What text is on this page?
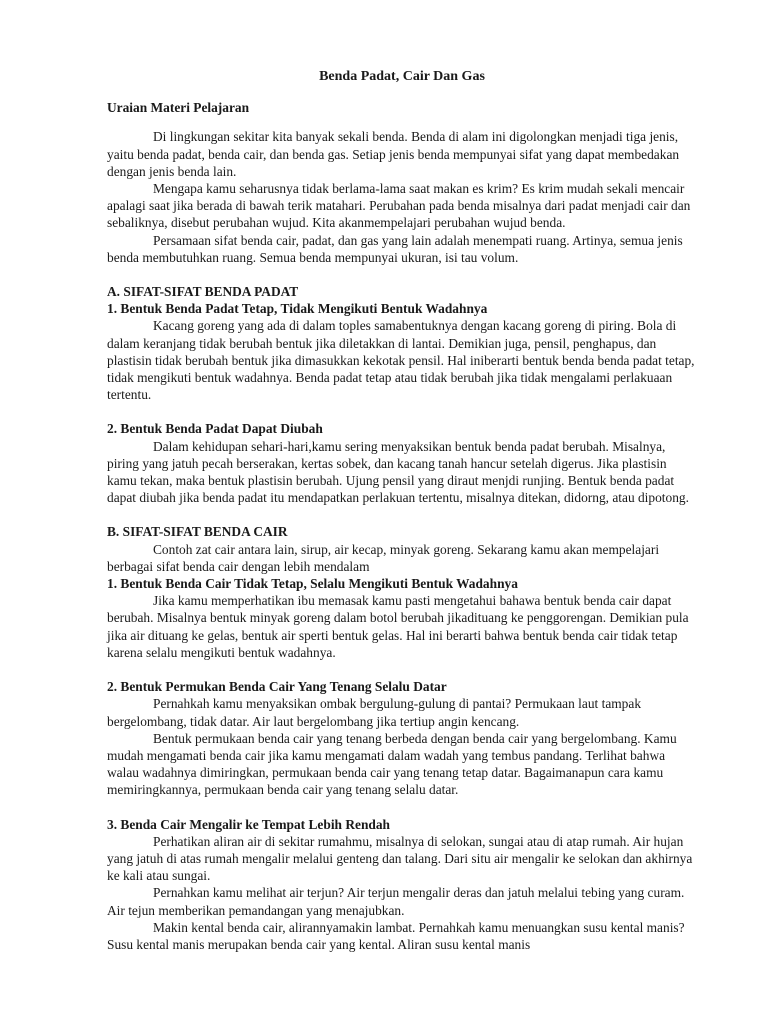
Benda Padat, Cair Dan Gas
Uraian Materi Pelajaran

Di lingkungan sekitar kita banyak sekali benda. Benda di alam ini digolongkan menjadi tiga jenis, yaitu benda padat, benda cair, dan benda gas. Setiap jenis benda mempunyai sifat yang dapat membedakan dengan jenis benda lain.

Mengapa kamu seharusnya tidak berlama-lama saat makan es krim? Es krim mudah sekali mencair apalagi saat jika berada di bawah terik matahari. Perubahan pada benda misalnya dari padat menjadi cair dan sebaliknya, disebut perubahan wujud. Kita akanmempelajari perubahan wujud benda.

Persamaan sifat benda cair, padat, dan gas yang lain adalah menempati ruang. Artinya, semua jenis benda membutuhkan ruang. Semua benda mempunyai ukuran, isi tau volum.

A. SIFAT-SIFAT BENDA PADAT
1. Bentuk Benda Padat Tetap, Tidak Mengikuti Bentuk Wadahnya

Kacang goreng yang ada di dalam toples samabentuknya dengan kacang goreng di piring. Bola di dalam keranjang tidak berubah bentuk jika diletakkan di lantai. Demikian juga, pensil, penghapus, dan plastisin tidak berubah bentuk jika dimasukkan kekotak pensil. Hal iniberarti bentuk benda benda padat tetap, tidak mengikuti bentuk wadahnya. Benda padat tetap atau tidak berubah jika tidak mengalami perlakuaan tertentu.

2. Bentuk Benda Padat Dapat Diubah

Dalam kehidupan sehari-hari,kamu sering menyaksikan bentuk benda padat berubah. Misalnya, piring yang jatuh pecah berserakan, kertas sobek, dan kacang tanah hancur setelah digerus. Jika plastisin kamu tekan, maka bentuk plastisin berubah. Ujung pensil yang diraut menjdi runjing. Bentuk benda padat dapat diubah jika benda padat itu mendapatkan perlakuan tertentu, misalnya ditekan, didorng, atau dipotong.

B. SIFAT-SIFAT BENDA CAIR

Contoh zat cair antara lain, sirup, air kecap, minyak goreng. Sekarang kamu akan mempelajari berbagai sifat benda cair dengan lebih mendalam

1. Bentuk Benda Cair Tidak Tetap, Selalu Mengikuti Bentuk Wadahnya

Jika kamu memperhatikan ibu memasak kamu pasti mengetahui bahawa bentuk benda cair dapat berubah. Misalnya bentuk minyak goreng dalam botol berubah jikadituang ke penggorengan. Demikian pula jika air dituang ke gelas, bentuk air sperti bentuk gelas. Hal ini berarti bahwa bentuk benda cair tidak tetap karena selalu mengikuti bentuk wadahnya.

2. Bentuk Permukan Benda Cair Yang Tenang Selalu Datar

Pernahkah kamu menyaksikan ombak bergulung-gulung di pantai? Permukaan laut tampak bergelombang, tidak datar. Air laut bergelombang jika tertiup angin kencang.

Bentuk permukaan benda cair yang tenang berbeda dengan benda cair yang bergelombang. Kamu mudah mengamati benda cair jika kamu mengamati dalam wadah yang tembus pandang. Terlihat bahwa walau wadahnya dimiringkan, permukaan benda cair yang tenang tetap datar. Bagaimanapun cara kamu memiringkannya, permukaan benda cair yang tenang selalu datar.

3. Benda Cair Mengalir ke Tempat Lebih Rendah

Perhatikan aliran air di sekitar rumahmu, misalnya di selokan, sungai atau di atap rumah. Air hujan yang jatuh di atas rumah mengalir melalui genteng dan talang. Dari situ air mengalir ke selokan dan akhirnya ke kali atau sungai.

Pernahkan kamu melihat air terjun? Air terjun mengalir deras dan jatuh melalui tebing yang curam. Air tejun memberikan pemandangan yang menajubkan.

Makin kental benda cair, alirannyamakin lambat. Pernahkah kamu menuangkan susu kental manis? Susu kental manis merupakan benda cair yang kental. Aliran susu kental manis
